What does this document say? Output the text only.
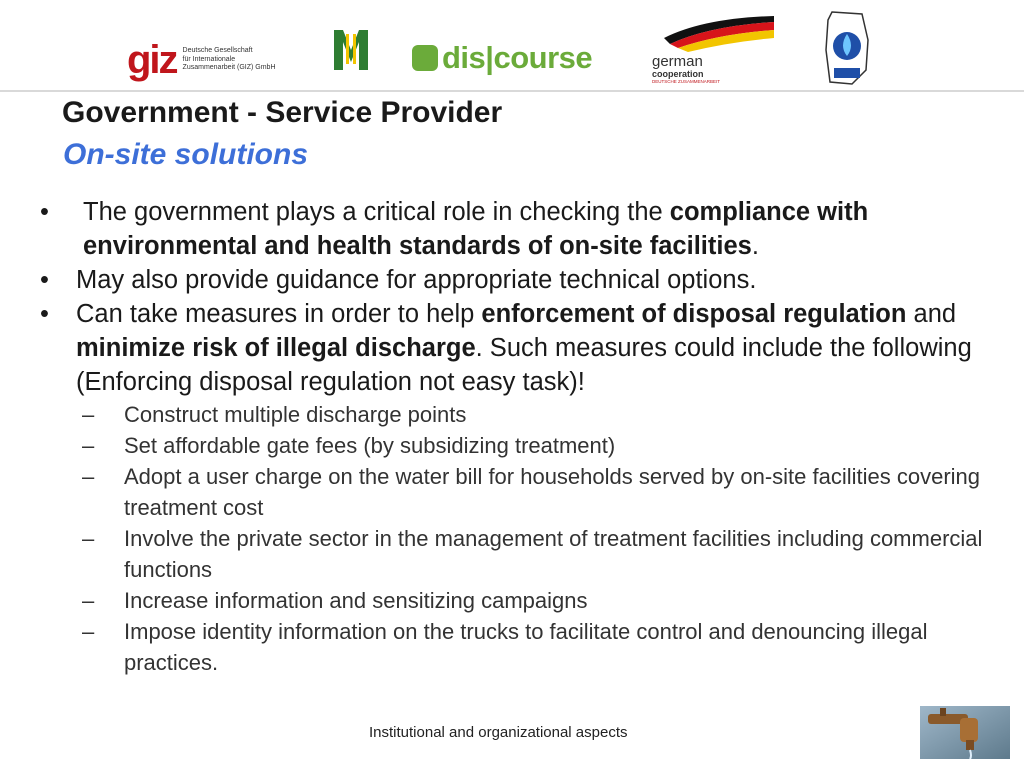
giz Deutsche Gesellschaft
für Internationale
Zusammenarbeit (GIZ) GmbH	dis|course	german
cooperation
DEUTSCHE ZUSAMMENARBEIT
Government - Service Provider
On-site solutions
• The government plays a critical role in checking the compliance with environmental and health standards of on-site facilities.
• May also provide guidance for appropriate technical options.
• Can take measures in order to help enforcement of disposal regulation and minimize risk of illegal discharge. Such measures could include the following (Enforcing disposal regulation not easy task)!
– Construct multiple discharge points
– Set affordable gate fees (by subsidizing treatment)
– Adopt a user charge on the water bill for households served by on-site facilities covering treatment cost
– Involve the private sector in the management of treatment facilities including commercial functions
– Increase information and sensitizing campaigns
– Impose identity information on the trucks to facilitate control and denouncing illegal practices.
Institutional and organizational aspects
